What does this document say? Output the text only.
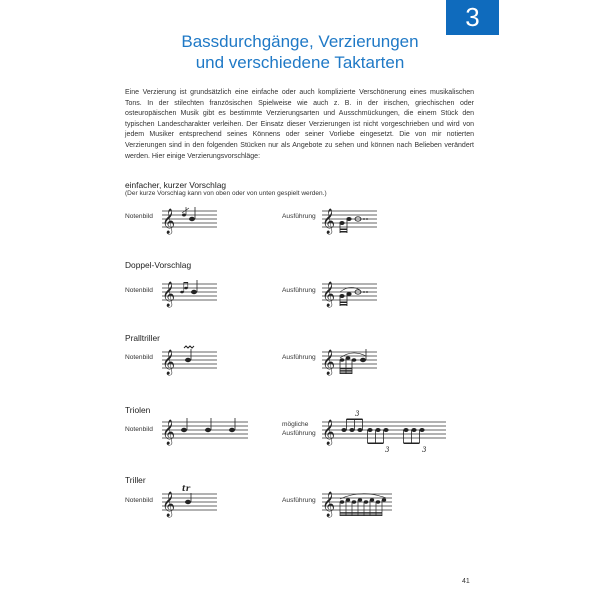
3
Bassdurchgänge, Verzierungen
und verschiedene Taktarten
Eine Verzierung ist grundsätzlich eine einfache oder auch komplizierte Verschönerung eines musikalischen Tons. In der stilechten französischen Spielweise wie auch z. B. in der irischen, griechischen oder osteuropäischen Musik gibt es bestimmte Verzierungsarten und Ausschmückungen, die einem Stück den typischen Landescharakter verleihen. Der Einsatz dieser Verzierungen ist nicht vorgeschrieben und wird von jedem Musiker entsprechend seines Könnens oder seiner Vorliebe eingesetzt. Die von mir notierten Verzierungen sind in den folgenden Stücken nur als Angebote zu sehen und können nach Belieben verändert werden. Hier einige Verzierungsvorschläge:
einfacher, kurzer Vorschlag
(Der kurze Vorschlag kann von oben oder von unten gespielt werden.)
Notenbild	Ausführung
𝄞	𝄞
Doppel-Vorschlag
Notenbild	Ausführung
𝄞	𝄞
Pralltriller
Notenbild	Ausführung
𝄞	𝄞
Triolen
Notenbild
mögliche
Ausführung
𝄞	𝄞
3
3	3
Triller
Notenbild	Ausführung
𝄞
tr
𝄞
41
